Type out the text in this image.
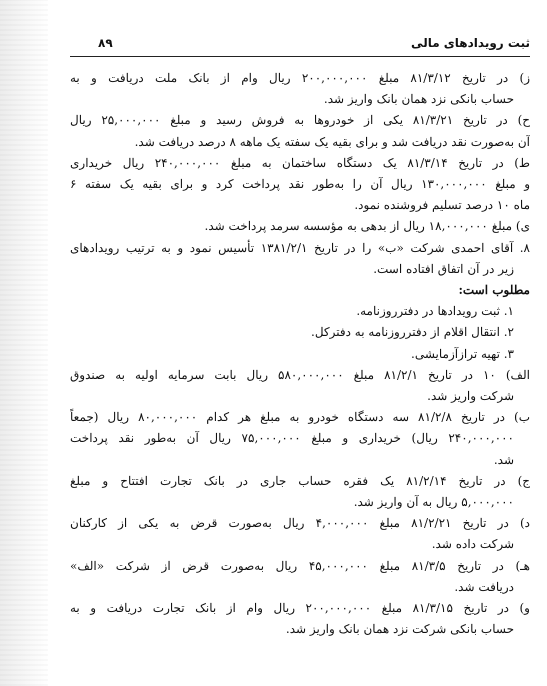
ثبت رویدادهای مالی
۸۹
ز) در تاریخ ۸۱/۳/۱۲ مبلغ ۲۰۰,۰۰۰,۰۰۰ ریال وام از بانک ملت دریافت و به
حساب بانکی نزد همان بانک واریز شد.
ح) در تاریخ ۸۱/۳/۲۱ یکی از خودروها به فروش رسید و مبلغ ۲۵,۰۰۰,۰۰۰ ریال
آن به‌صورت نقد دریافت شد و برای بقیه یک سفته یک ماهه ۸ درصد دریافت شد.
ط) در تاریخ ۸۱/۳/۱۴ یک دستگاه ساختمان به مبلغ ۲۴۰,۰۰۰,۰۰۰ ریال خریداری
و مبلغ ۱۳۰,۰۰۰,۰۰۰ ریال آن را به‌طور نقد پرداخت کرد و برای بقیه یک سفته ۶
ماه ۱۰ درصد تسلیم فروشنده نمود.
ی) مبلغ ۱۸,۰۰۰,۰۰۰ ریال از بدهی به مؤسسه سرمد پرداخت شد.
۸. آقای احمدی شرکت «ب» را در تاریخ ۱۳۸۱/۲/۱ تأسیس نمود و به ترتیب رویدادهای
زیر در آن اتفاق افتاده است.
مطلوب است:
۱. ثبت رویدادها در دفترروزنامه.
۲. انتقال اقلام از دفترروزنامه به دفترکل.
۳. تهیه ترازآزمایشی.
الف) ۱۰ در تاریخ ۸۱/۲/۱ مبلغ ۵۸۰,۰۰۰,۰۰۰ ریال بابت سرمایه اولیه به صندوق
شرکت واریز شد.
ب) در تاریخ ۸۱/۲/۸ سه دستگاه خودرو به مبلغ هر کدام ۸۰,۰۰۰,۰۰۰ ریال (جمعاً
۲۴۰,۰۰۰,۰۰۰ ریال) خریداری و مبلغ ۷۵,۰۰۰,۰۰۰ ریال آن به‌طور نقد پرداخت
شد.
ج) در تاریخ ۸۱/۲/۱۴ یک فقره حساب جاری در بانک تجارت افتتاح و مبلغ
۵,۰۰۰,۰۰۰ ریال به آن واریز شد.
د) در تاریخ ۸۱/۲/۲۱ مبلغ ۴,۰۰۰,۰۰۰ ریال به‌صورت قرض به یکی از کارکنان
شرکت داده شد.
هـ) در تاریخ ۸۱/۳/۵ مبلغ ۴۵,۰۰۰,۰۰۰ ریال به‌صورت قرض از شرکت «الف»
دریافت شد.
و) در تاریخ ۸۱/۳/۱۵ مبلغ ۲۰۰,۰۰۰,۰۰۰ ریال وام از بانک تجارت دریافت و به
حساب بانکی شرکت نزد همان بانک واریز شد.
